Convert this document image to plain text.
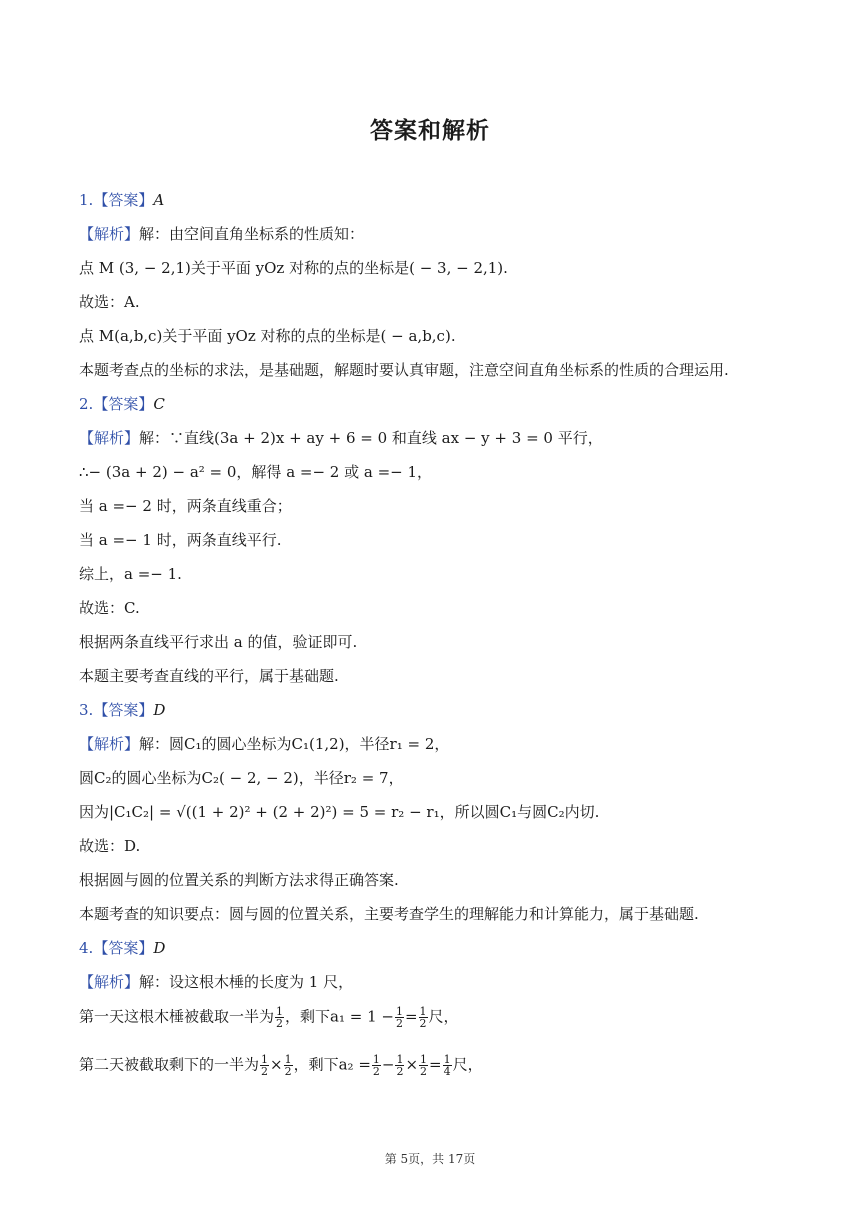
答案和解析
1.【答案】A
【解析】解：由空间直角坐标系的性质知：
点 M (3, − 2,1)关于平面 yOz 对称的点的坐标是( − 3, − 2,1).
故选：A.
点 M(a,b,c)关于平面 yOz 对称的点的坐标是( − a,b,c).
本题考查点的坐标的求法，是基础题，解题时要认真审题，注意空间直角坐标系的性质的合理运用.
2.【答案】C
【解析】解：∵直线(3a + 2)x + ay + 6 = 0 和直线 ax − y + 3 = 0 平行，
∴− (3a + 2) − a² = 0，解得 a =− 2 或 a =− 1，
当 a =− 2 时，两条直线重合；
当 a =− 1 时，两条直线平行.
综上，a =− 1.
故选：C.
根据两条直线平行求出 a 的值，验证即可.
本题主要考查直线的平行，属于基础题.
3.【答案】D
【解析】解：圆C₁的圆心坐标为C₁(1,2)，半径r₁ = 2，
圆C₂的圆心坐标为C₂( − 2, − 2)，半径r₂ = 7，
因为|C₁C₂| = √((1 + 2)² + (2 + 2)²) = 5 = r₂ − r₁，所以圆C₁与圆C₂内切.
故选：D.
根据圆与圆的位置关系的判断方法求得正确答案.
本题考查的知识要点：圆与圆的位置关系，主要考查学生的理解能力和计算能力，属于基础题.
4.【答案】D
【解析】解：设这根木棰的长度为 1 尺，
第一天这根木棰被截取一半为 $\frac{1}{2}$ ，剩下$a_1 = 1 - \frac{1}{2} = \frac{1}{2}$ 尺，
第二天被截取剩下的一半为 $\frac{1}{2} \times \frac{1}{2}$ ，剩下$a_2 = \frac{1}{2} - \frac{1}{2} \times \frac{1}{2} = \frac{1}{4}$ 尺，
第 5页，共 17页
